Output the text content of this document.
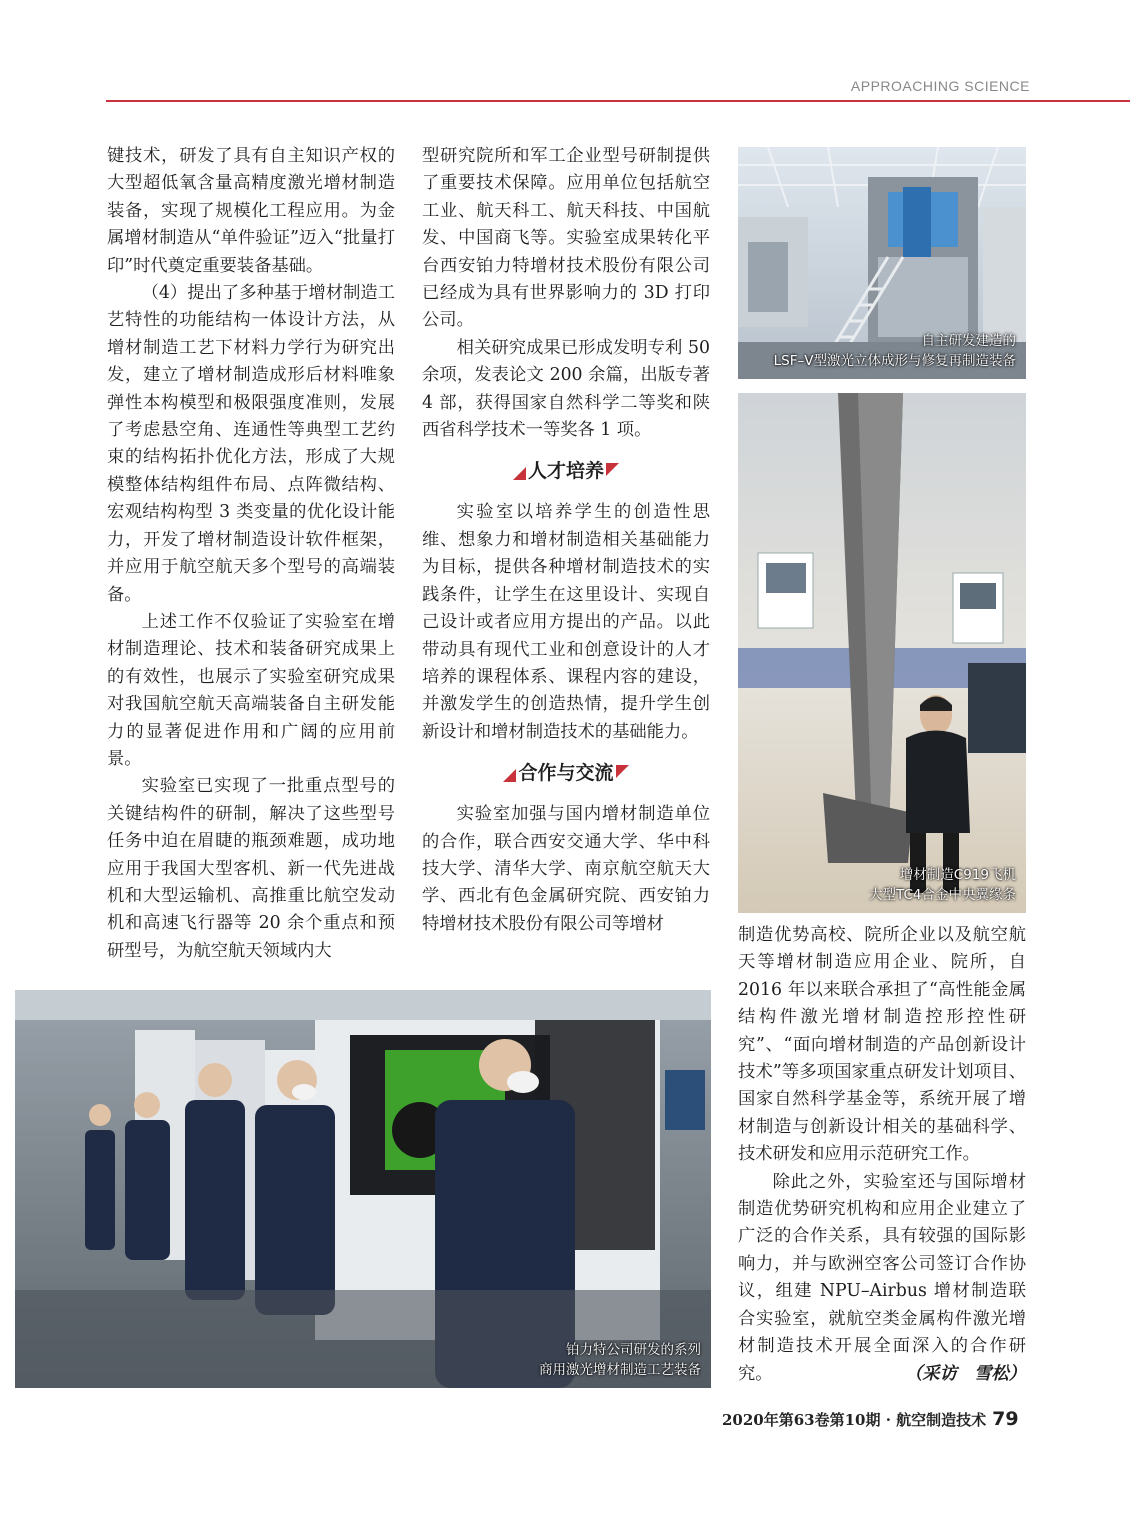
APPROACHING SCIENCE

键技术，研发了具有自主知识产权的大型超低氧含量高精度激光增材制造装备，实现了规模化工程应用。为金属增材制造从“单件验证”迈入“批量打印”时代奠定重要装备基础。

（4）提出了多种基于增材制造工艺特性的功能结构一体设计方法，从增材制造工艺下材料力学行为研究出发，建立了增材制造成形后材料唯象弹性本构模型和极限强度准则，发展了考虑悬空角、连通性等典型工艺约束的结构拓扑优化方法，形成了大规模整体结构组件布局、点阵微结构、宏观结构构型 3 类变量的优化设计能力，开发了增材制造设计软件框架，并应用于航空航天多个型号的高端装备。

上述工作不仅验证了实验室在增材制造理论、技术和装备研究成果上的有效性，也展示了实验室研究成果对我国航空航天高端装备自主研发能力的显著促进作用和广阔的应用前景。

实验室已实现了一批重点型号的关键结构件的研制，解决了这些型号任务中迫在眉睫的瓶颈难题，成功地应用于我国大型客机、新一代先进战机和大型运输机、高推重比航空发动机和高速飞行器等 20 余个重点和预研型号，为航空航天领域内大

型研究院所和军工企业型号研制提供了重要技术保障。应用单位包括航空工业、航天科工、航天科技、中国航发、中国商飞等。实验室成果转化平台西安铂力特增材技术股份有限公司已经成为具有世界影响力的 3D 打印公司。

相关研究成果已形成发明专利 50 余项，发表论文 200 余篇，出版专著 4 部，获得国家自然科学二等奖和陕西省科学技术一等奖各 1 项。

人才培养

实验室以培养学生的创造性思维、想象力和增材制造相关基础能力为目标，提供各种增材制造技术的实践条件，让学生在这里设计、实现自己设计或者应用方提出的产品。以此带动具有现代工业和创意设计的人才培养的课程体系、课程内容的建设，并激发学生的创造热情，提升学生创新设计和增材制造技术的基础能力。

合作与交流

实验室加强与国内增材制造单位的合作，联合西安交通大学、华中科技大学、清华大学、南京航空航天大学、西北有色金属研究院、西安铂力特增材技术股份有限公司等增材

自主研发建造的
LSF–V型激光立体成形与修复再制造装备
增材制造C919飞机
大型TC4合金中央翼缘条

制造优势高校、院所企业以及航空航天等增材制造应用企业、院所，自 2016 年以来联合承担了“高性能金属结构件激光增材制造控形控性研究”、“面向增材制造的产品创新设计技术”等多项国家重点研发计划项目、国家自然科学基金等，系统开展了增材制造与创新设计相关的基础科学、技术研发和应用示范研究工作。

除此之外，实验室还与国际增材制造优势研究机构和应用企业建立了广泛的合作关系，具有较强的国际影响力，并与欧洲空客公司签订合作协议，组建 NPU–Airbus 增材制造联合实验室，就航空类金属构件激光增材制造技术开展全面深入的合作研究。	（采访　雪松）

铂力特公司研发的系列
商用激光增材制造工艺装备
2020年第63卷第10期 · 航空制造技术 79
